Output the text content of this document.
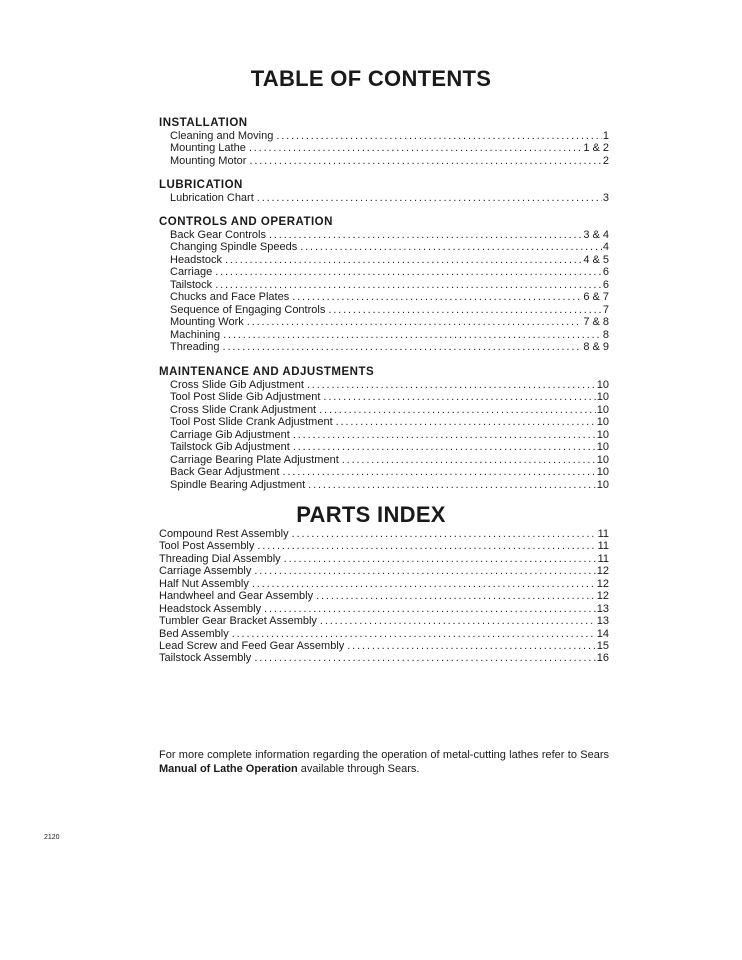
TABLE OF CONTENTS
INSTALLATION
Cleaning and Moving . . .	1
Mounting Lathe . . .	1 & 2
Mounting Motor . . .	2
LUBRICATION
Lubrication Chart . . .	3
CONTROLS AND OPERATION
Back Gear Controls . . .	3 & 4
Changing Spindle Speeds . . .	4
Headstock . . .	4 & 5
Carriage . . .	6
Tailstock . . .	6
Chucks and Face Plates . . .	6 & 7
Sequence of Engaging Controls . . .	7
Mounting Work . . .	7 & 8
Machining . . .	8
Threading . . .	8 & 9
MAINTENANCE AND ADJUSTMENTS
Cross Slide Gib Adjustment . . .	10
Tool Post Slide Gib Adjustment . . .	10
Cross Slide Crank Adjustment . . .	10
Tool Post Slide Crank Adjustment . . .	10
Carriage Gib Adjustment . . .	10
Tailstock Gib Adjustment . . .	10
Carriage Bearing Plate Adjustment . . .	10
Back Gear Adjustment . . .	10
Spindle Bearing Adjustment . . .	10
PARTS INDEX
Compound Rest Assembly . . .	11
Tool Post Assembly . . .	11
Threading Dial Assembly . . .	11
Carriage Assembly . . .	12
Half Nut Assembly . . .	12
Handwheel and Gear Assembly . . .	12
Headstock Assembly . . .	13
Tumbler Gear Bracket Assembly . . .	13
Bed Assembly . . .	14
Lead Screw and Feed Gear Assembly . . .	15
Tailstock Assembly . . .	16
For more complete information regarding the operation of metal-cutting lathes refer to Sears Manual of Lathe Operation available through Sears.
2120
